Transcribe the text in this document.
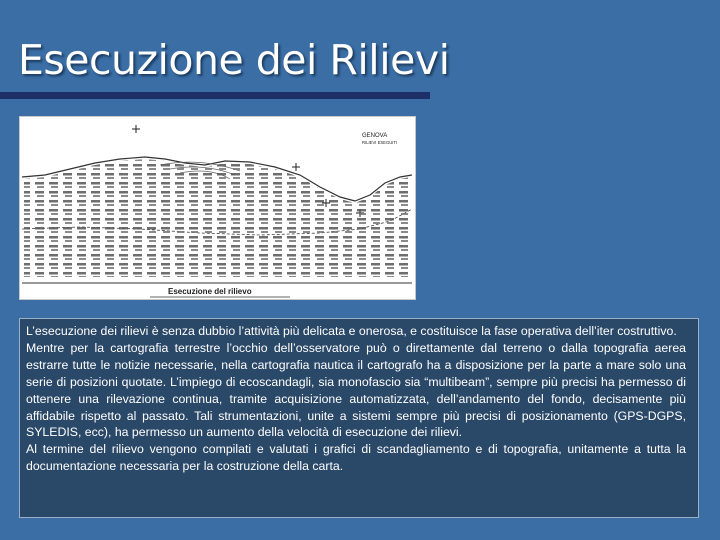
Esecuzione dei Rilievi
GENOVA
RILIEVI ESEGUITI
Esecuzione del rilievo

L’esecuzione dei rilievi è senza dubbio l’attività più delicata e onerosa, e costituisce la fase operativa dell’iter costruttivo.

Mentre per la cartografia terrestre l’occhio dell’osservatore può o direttamente dal terreno o dalla topografia aerea estrarre tutte le notizie necessarie, nella cartografia nautica il cartografo ha a disposizione per la parte a mare solo una serie di posizioni quotate. L’impiego di ecoscandagli, sia monofascio sia “multibeam”, sempre più precisi ha permesso di ottenere una rilevazione continua, tramite acquisizione automatizzata, dell’andamento del fondo, decisamente più affidabile rispetto al passato. Tali strumentazioni, unite a sistemi sempre più precisi di posizionamento (GPS-DGPS, SYLEDIS, ecc), ha permesso un aumento della velocità di esecuzione dei rilievi.

Al termine del rilievo vengono compilati e valutati i grafici di scandagliamento e di topografia, unitamente a tutta la documentazione necessaria per la costruzione della carta.
